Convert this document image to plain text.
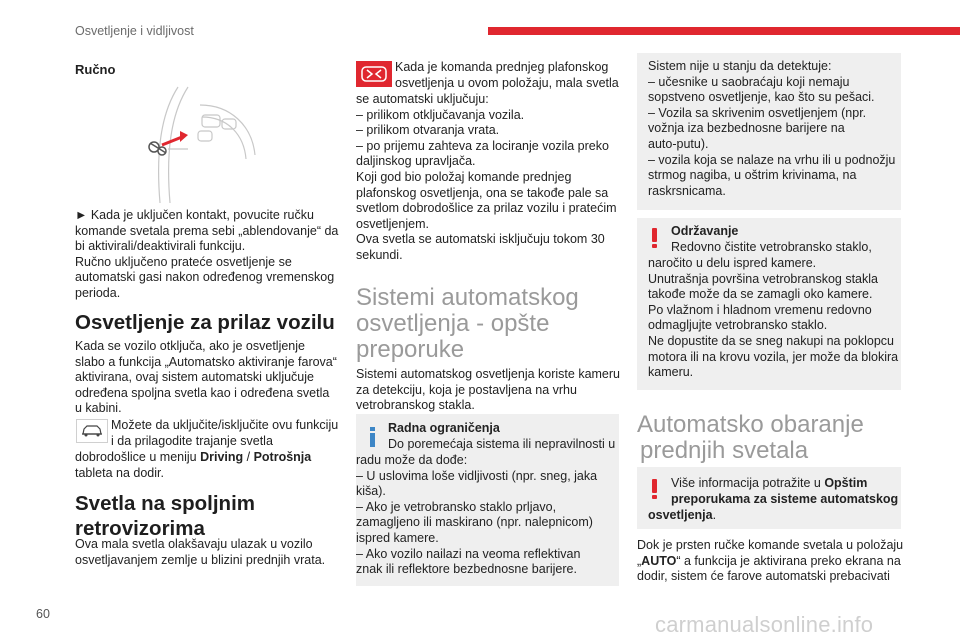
Osvetljenje i vidljivost
Ručno
► Kada je uključen kontakt, povucite ručku
komande svetala prema sebi „ablendovanje“ da
bi aktivirali/deaktivirali funkciju.
Ručno uključeno prateće osvetljenje se
automatski gasi nakon određenog vremenskog
perioda.
Osvetljenje za prilaz vozilu
Kada se vozilo otključa, ako je osvetljenje
slabo a funkcija „Automatsko aktiviranje farova“
aktivirana, ovaj sistem automatski uključuje
određena spoljna svetla kao i određena svetla
u kabini.
Možete da uključite/isključite ovu funkciju
i da prilagodite trajanje svetla
dobrodošlice u meniju Driving / Potrošnja
tableta na dodir.
Svetla na spoljnim
retrovizorima
Ova mala svetla olakšavaju ulazak u vozilo
osvetljavanjem zemlje u blizini prednjih vrata.
Kada je komanda prednjeg plafonskog
osvetljenja u ovom položaju, mala svetla
se automatski uključuju:
– prilikom otključavanja vozila.
– prilikom otvaranja vrata.
– po prijemu zahteva za lociranje vozila preko
daljinskog upravljača.
Koji god bio položaj komande prednjeg
plafonskog osvetljenja, ona se takođe pale sa
svetlom dobrodošlice za prilaz vozilu i pratećim
osvetljenjem.
Ova svetla se automatski isključuju tokom 30
sekundi.
Sistemi automatskog
osvetljenja - opšte
preporuke
Sistemi automatskog osvetljenja koriste kameru
za detekciju, koja je postavljena na vrhu
vetrobranskog stakla.
Radna ograničenja
Do poremećaja sistema ili nepravilnosti u
radu može da dođe:
– U uslovima loše vidljivosti (npr. sneg, jaka
kiša).
– Ako je vetrobransko staklo prljavo,
zamagljeno ili maskirano (npr. nalepnicom)
ispred kamere.
– Ako vozilo nailazi na veoma reflektivan
znak ili reflektore bezbednosne barijere.
Sistem nije u stanju da detektuje:
– učesnike u saobraćaju koji nemaju
sopstveno osvetljenje, kao što su pešaci.
– Vozila sa skrivenim osvetljenjem (npr.
vožnja iza bezbednosne barijere na
auto-putu).
– vozila koja se nalaze na vrhu ili u podnožju
strmog nagiba, u oštrim krivinama, na
raskrsnicama.
Održavanje
Redovno čistite vetrobransko staklo,
naročito u delu ispred kamere.
Unutrašnja površina vetrobranskog stakla
takođe može da se zamagli oko kamere.
Po vlažnom i hladnom vremenu redovno
odmagljujte vetrobransko staklo.
Ne dopustite da se sneg nakupi na poklopcu
motora ili na krovu vozila, jer može da blokira
kameru.
Automatsko obaranje
prednjih svetala
Više informacija potražite u Opštim
preporukama za sisteme automatskog
osvetljenja.
Dok je prsten ručke komande svetala u položaju
„AUTO“ a funkcija je aktivirana preko ekrana na
dodir, sistem će farove automatski prebacivati
60	carmanualsonline.info
